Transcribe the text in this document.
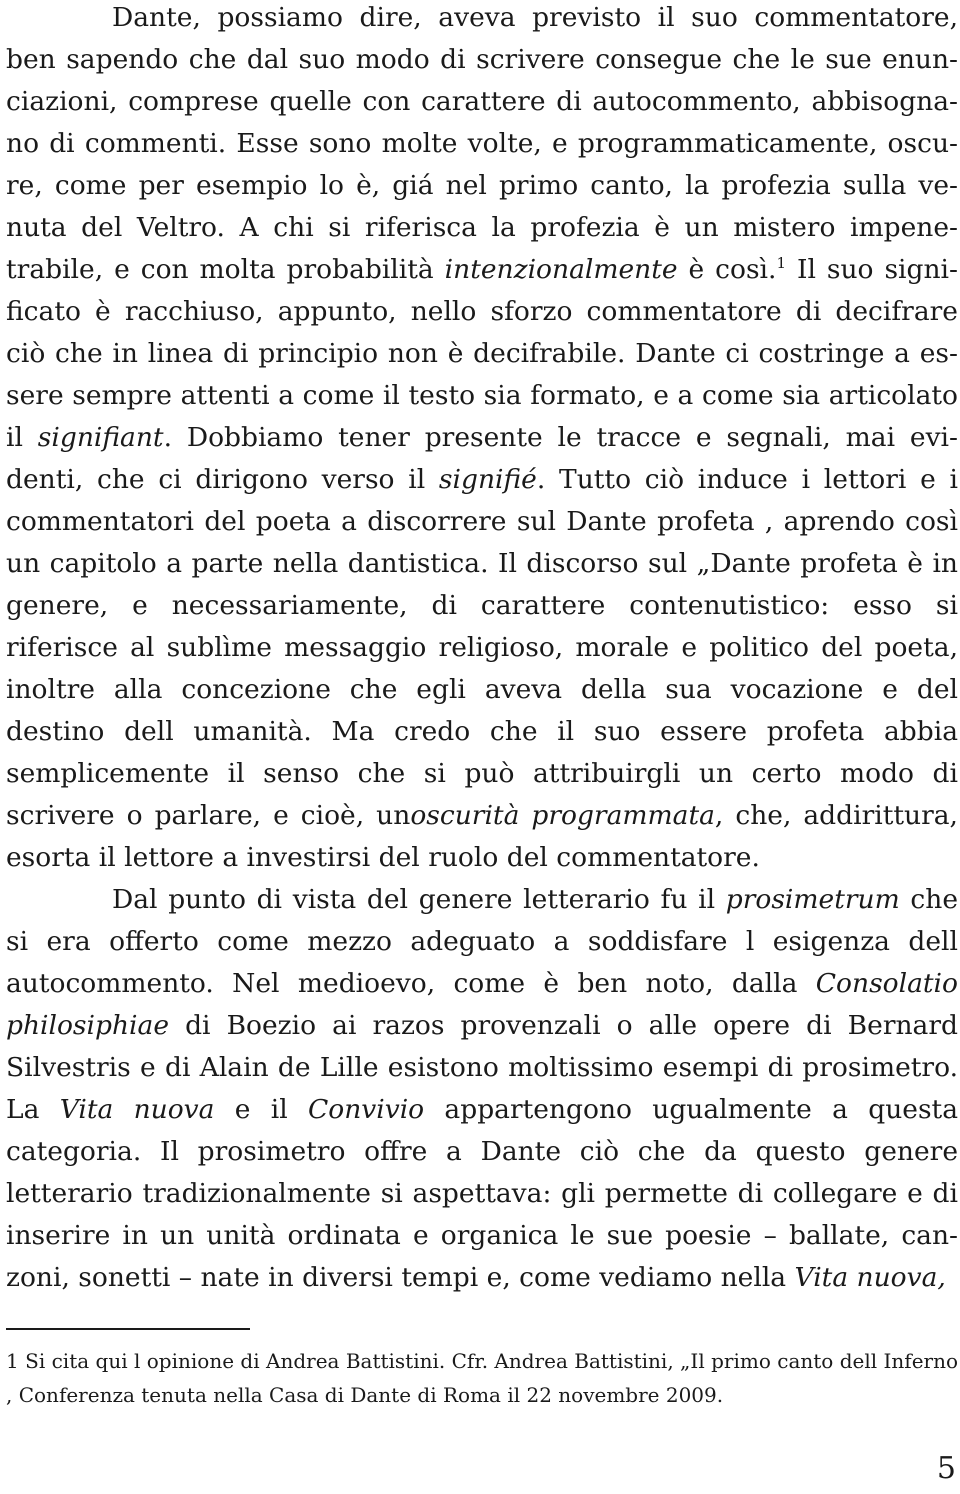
Dante, possiamo dire, aveva previsto il suo commentatore, ben sapendo che dal suo modo di scrivere consegue che le sue enunciazioni, comprese quelle con carattere di autocommento, abbisognano di commenti. Esse sono molte volte, e programmaticamente, oscure, come per esempio lo è, giá nel primo canto, la profezia sulla venuta del Veltro. A chi si riferisca la profezia è un mistero impenetrabile, e con molta probabilità intenzionalmente è così.$^1$ Il suo significato è racchiuso, appunto, nello sforzo commentatore di decifrare ciò che in linea di principio non è decifrabile. Dante ci costringe a essere sempre attenti a come il testo sia formato, e a come sia articolato il signifiant. Dobbiamo tener presente le tracce e segnali, mai evidenti, che ci dirigono verso il signifié. Tutto ciò induce i lettori e i commentatori del poeta a discorrere sul Dante profeta , aprendo così un capitolo a parte nella dantistica. Il discorso sul „Dante profeta è in genere, e necessariamente, di carattere contenutistico: esso si riferisce al sublìme messaggio religioso, morale e politico del poeta, inoltre alla concezione che egli aveva della sua vocazione e del destino dell umanità. Ma credo che il suo essere profeta abbia semplicemente il senso che si può attribuirgli un certo modo di scrivere o parlare, e cioè, unoscurità programmata, che, addirittura, esorta il lettore a investirsi del ruolo del commentatore.

Dal punto di vista del genere letterario fu il prosimetrum che si era offerto come mezzo adeguato a soddisfare l esigenza dell autocommento. Nel medioevo, come è ben noto, dalla Consolatio philosiphiae di Boezio ai razos provenzali o alle opere di Bernard Silvestris e di Alain de Lille esistono moltissimo esempi di prosimetro. La Vita nuova e il Convivio appartengono ugualmente a questa categoria. Il prosimetro offre a Dante ciò che da questo genere letterario tradizionalmente si aspettava: gli permette di collegare e di inserire in un unità ordinata e organica le sue poesie – ballate, canzoni, sonetti – nate in diversi tempi e, come vediamo nella Vita nuova,

1 Si cita qui l opinione di Andrea Battistini. Cfr. Andrea Battistini, „Il primo canto dell Inferno , Conferenza tenuta nella Casa di Dante di Roma il 22 novembre 2009.

5
